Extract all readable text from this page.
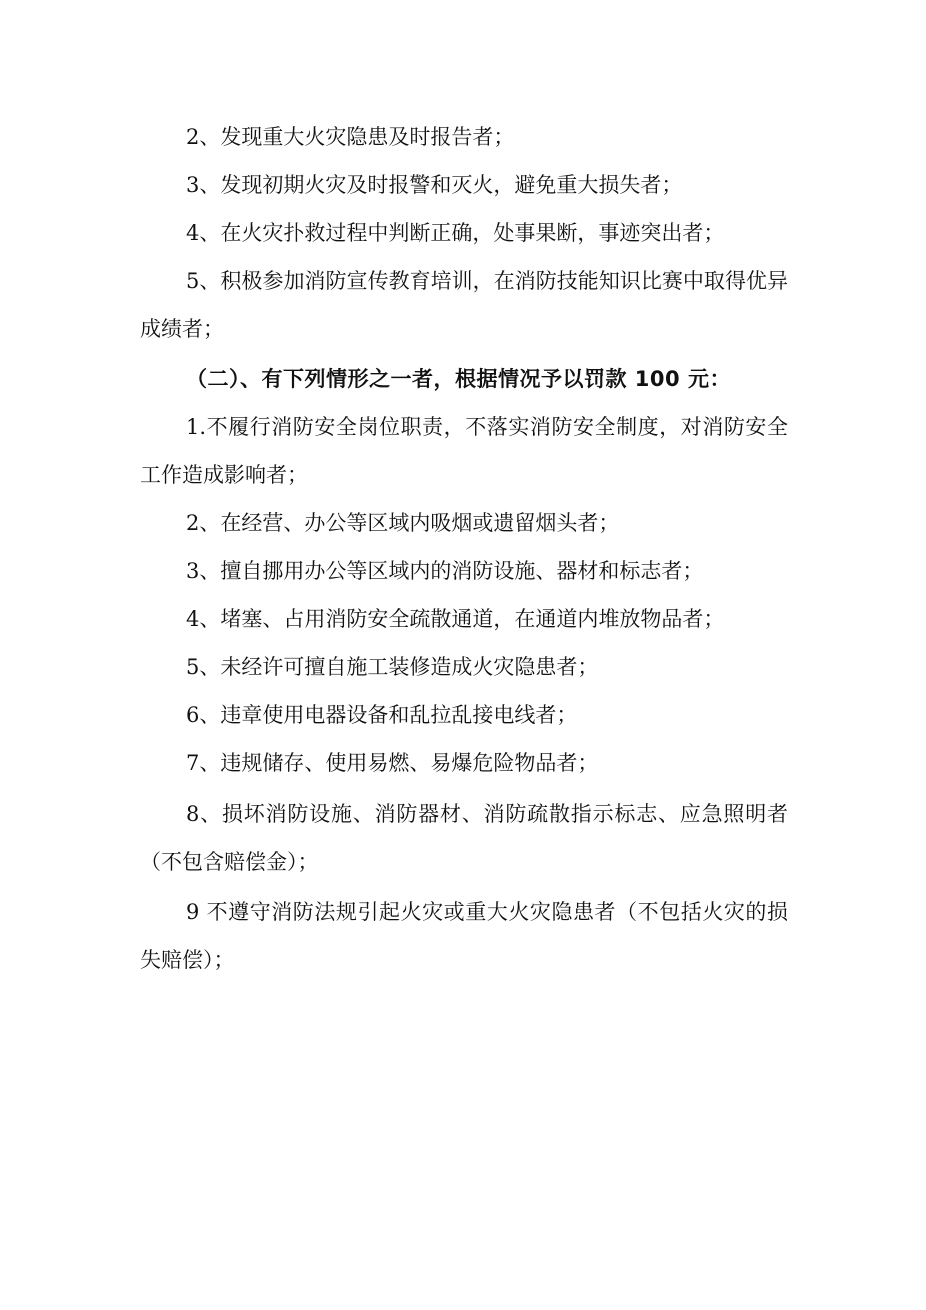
2、发现重大火灾隐患及时报告者；

3、发现初期火灾及时报警和灭火，避免重大损失者；

4、在火灾扑救过程中判断正确，处事果断，事迹突出者；

5、积极参加消防宣传教育培训，在消防技能知识比赛中取得优异成绩者；

（二）、有下列情形之一者，根据情况予以罚款 100 元：

1.不履行消防安全岗位职责，不落实消防安全制度，对消防安全工作造成影响者；

2、在经营、办公等区域内吸烟或遗留烟头者；

3、擅自挪用办公等区域内的消防设施、器材和标志者；

4、堵塞、占用消防安全疏散通道，在通道内堆放物品者；

5、未经许可擅自施工装修造成火灾隐患者；

6、违章使用电器设备和乱拉乱接电线者；

7、违规储存、使用易燃、易爆危险物品者；

8、损坏消防设施、消防器材、消防疏散指示标志、应急照明者（不包含赔偿金）；

9 不遵守消防法规引起火灾或重大火灾隐患者（不包括火灾的损失赔偿）；
